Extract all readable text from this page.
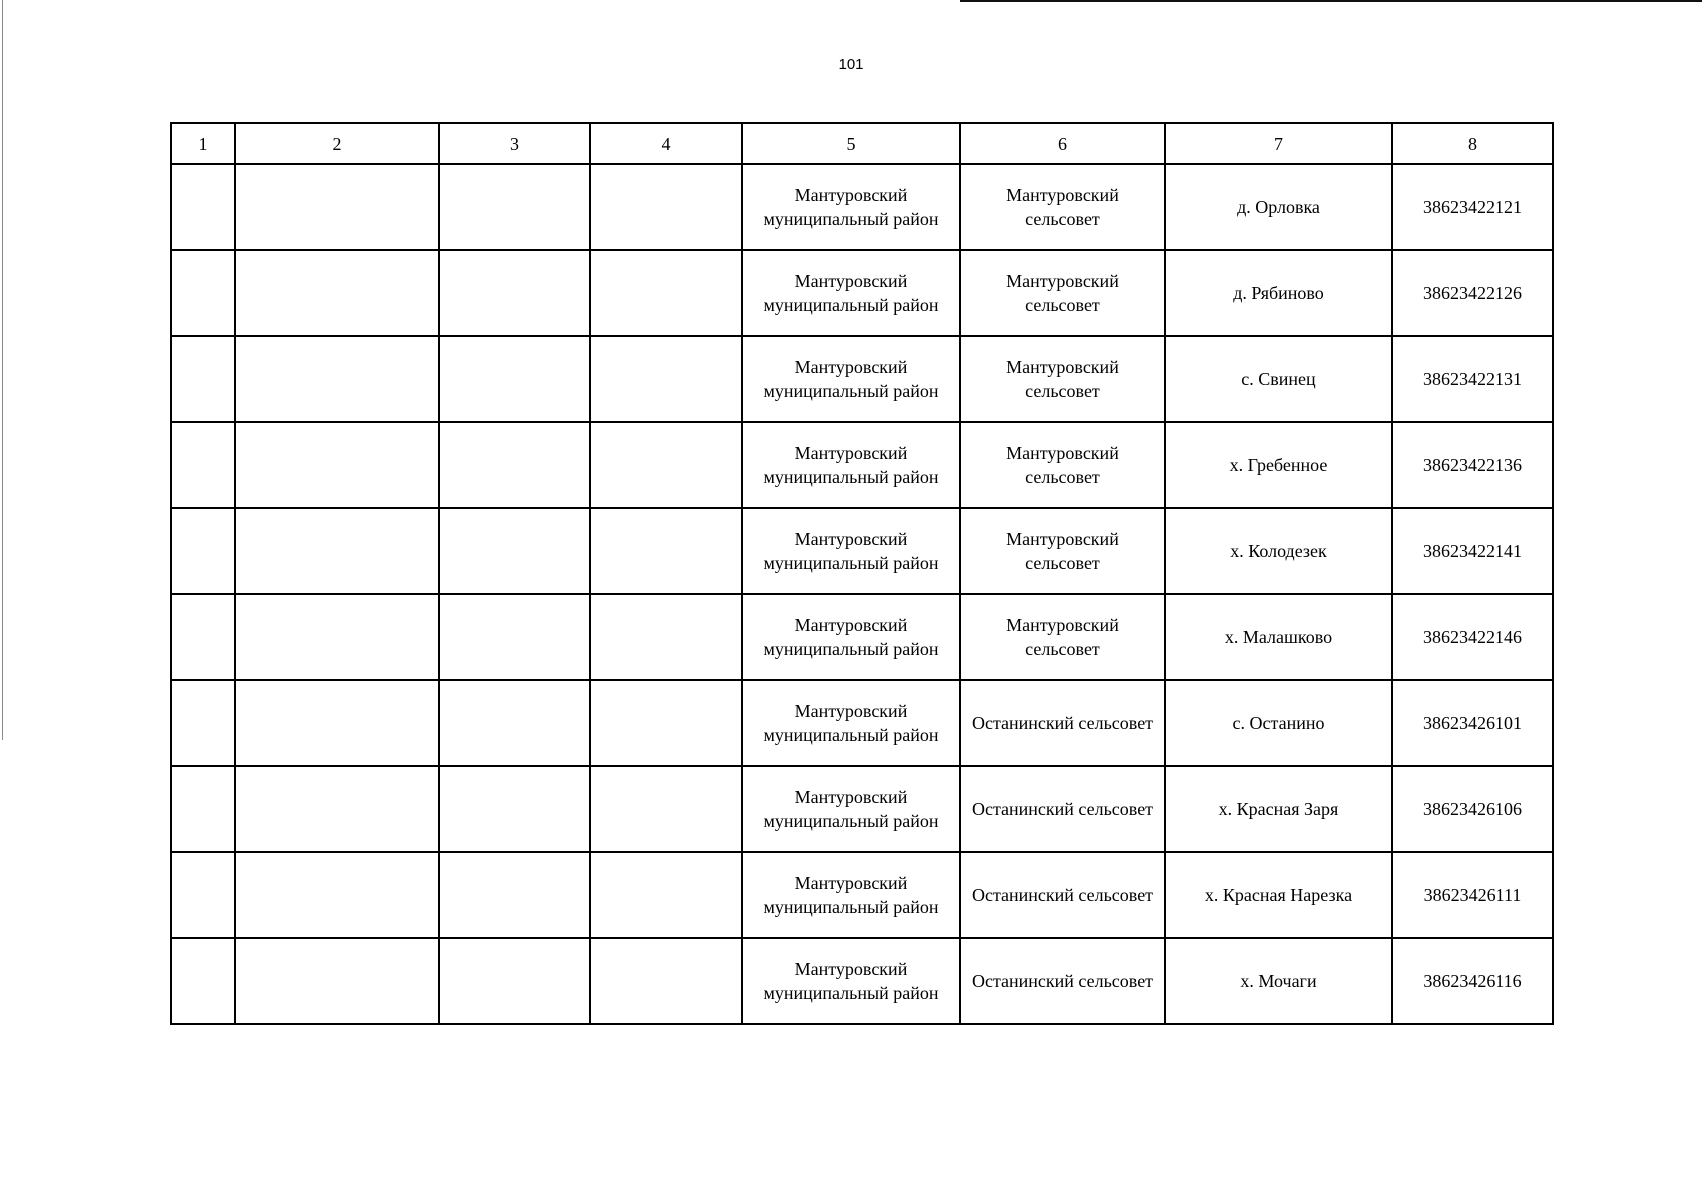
101
1	2	3	4	5	6	7	8
				Мантуровский
муниципальный район	Мантуровский
сельсовет	д. Орловка	38623422121
				Мантуровский
муниципальный район	Мантуровский
сельсовет	д. Рябиново	38623422126
				Мантуровский
муниципальный район	Мантуровский
сельсовет	с. Свинец	38623422131
				Мантуровский
муниципальный район	Мантуровский
сельсовет	х. Гребенное	38623422136
				Мантуровский
муниципальный район	Мантуровский
сельсовет	х. Колодезек	38623422141
				Мантуровский
муниципальный район	Мантуровский
сельсовет	х. Малашково	38623422146
				Мантуровский
муниципальный район	Останинский сельсовет	с. Останино	38623426101
				Мантуровский
муниципальный район	Останинский сельсовет	х. Красная Заря	38623426106
				Мантуровский
муниципальный район	Останинский сельсовет	х. Красная Нарезка	38623426111
				Мантуровский
муниципальный район	Останинский сельсовет	х. Мочаги	38623426116
